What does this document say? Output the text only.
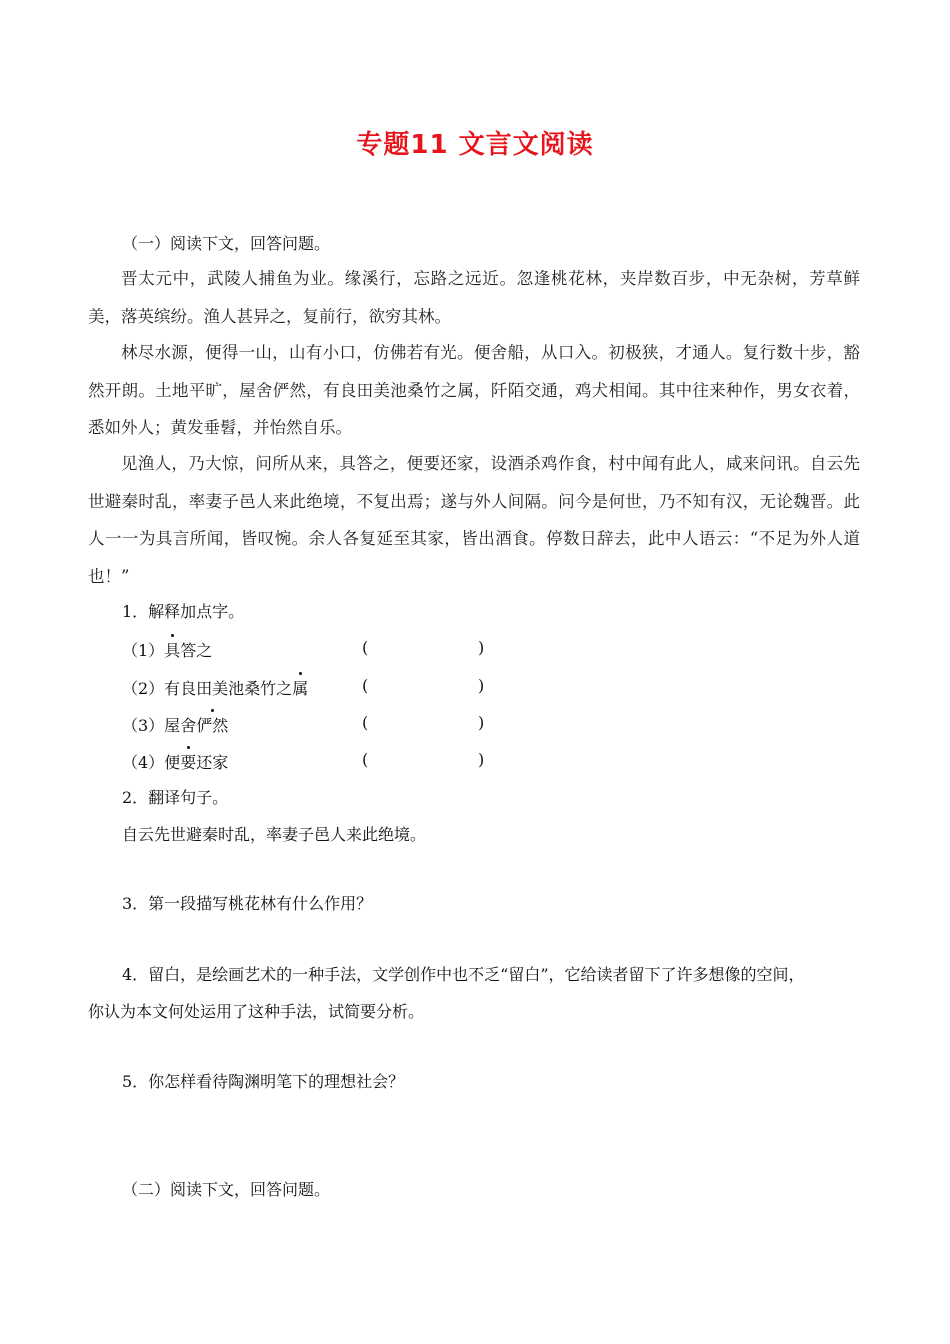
专题11 文言文阅读
（一）阅读下文，回答问题。

晋太元中，武陵人捕鱼为业。缘溪行，忘路之远近。忽逢桃花林，夹岸数百步，中无杂树，芳草鲜美，落英缤纷。渔人甚异之，复前行，欲穷其林。

林尽水源，便得一山，山有小口，仿佛若有光。便舍船，从口入。初极狭，才通人。复行数十步，豁然开朗。土地平旷，屋舍俨然，有良田美池桑竹之属，阡陌交通，鸡犬相闻。其中往来种作，男女衣着，悉如外人；黄发垂髫，并怡然自乐。

见渔人，乃大惊，问所从来，具答之，便要还家，设酒杀鸡作食，村中闻有此人，咸来问讯。自云先世避秦时乱，率妻子邑人来此绝境，不复出焉；遂与外人间隔。问今是何世，乃不知有汉，无论魏晋。此人一一为具言所闻，皆叹惋。余人各复延至其家，皆出酒食。停数日辞去，此中人语云：“不足为外人道也！”

1．解释加点字。
（1）具答之	(	)
（2）有良田美池桑竹之属	(	)
（3）屋舍俨然	(	)
（4）便要还家	(	)
2．翻译句子。
自云先世避秦时乱，率妻子邑人来此绝境。
3．第一段描写桃花林有什么作用？
4．留白，是绘画艺术的一种手法，文学创作中也不乏“留白”，它给读者留下了许多想像的空间，
你认为本文何处运用了这种手法，试简要分析。
5．你怎样看待陶渊明笔下的理想社会？
（二）阅读下文，回答问题。
